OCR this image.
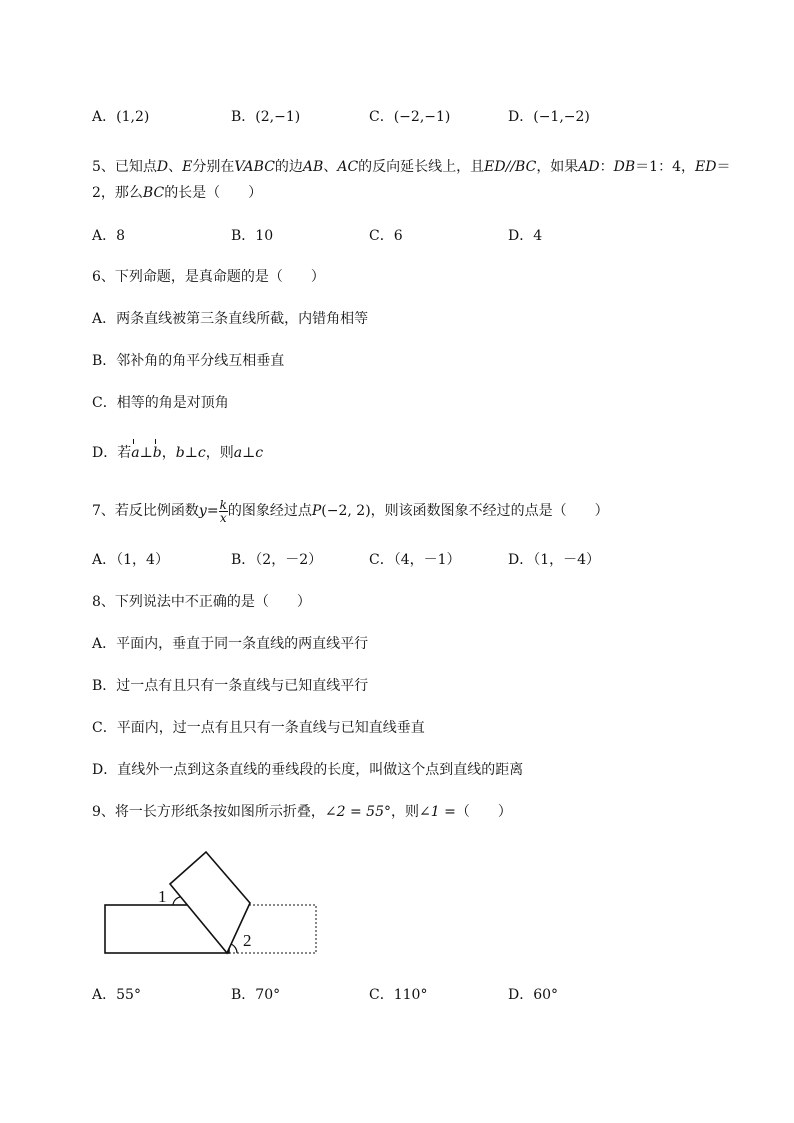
A．(1,2)	B．(2,−1)	C．(−2,−1)	D．(−1,−2)
5、已知点D、E分别在VABC的边AB、AC的反向延长线上，且ED//BC，如果AD：DB＝1：4，ED＝
2，那么BC的长是（　　）
A．8	B．10	C．6	D．4
6、下列命题，是真命题的是（　　）
A．两条直线被第三条直线所截，内错角相等
B．邻补角的角平分线互相垂直
C．相等的角是对顶角
D．若a⊥b，b⊥c，则a⊥c
7、若反比例函数$y= \frac{k}{x}$ 的图象经过点P(−2, 2)，则该函数图象不经过的点是（　　）
A．（1，4）	B．（2，－2）	C．（4，－1）	D．（1，－4）
8、下列说法中不正确的是（　　）
A．平面内，垂直于同一条直线的两直线平行
B．过一点有且只有一条直线与已知直线平行
C．平面内，过一点有且只有一条直线与已知直线垂直
D．直线外一点到这条直线的垂线段的长度，叫做这个点到直线的距离
9、将一长方形纸条按如图所示折叠，∠2 = 55°，则∠1 =（　　）
1
2
A．55°	B．70°	C．110°	D．60°
